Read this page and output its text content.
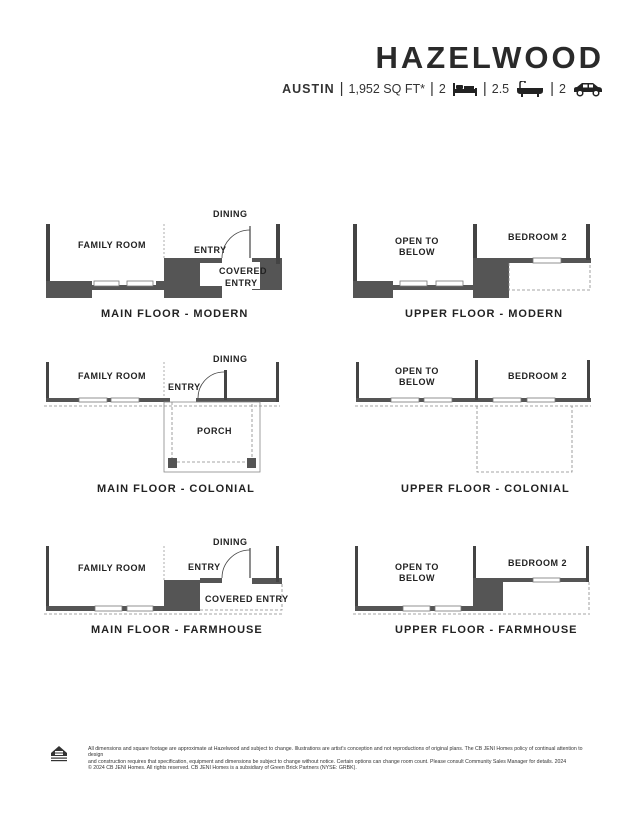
HAZELWOOD
AUSTIN | 1,952 SQ FT* | 2 | 2.5	| 2
FAMILY ROOM
DINING
ENTRY
COVERED
ENTRY
OPEN TO
BELOW
BEDROOM 2
FAMILY ROOM
DINING
ENTRY
PORCH
OPEN TO
BELOW
BEDROOM 2
FAMILY ROOM
DINING
ENTRY
COVERED ENTRY
OPEN TO
BELOW
BEDROOM 2
MAIN FLOOR - MODERN	UPPER FLOOR - MODERN
MAIN FLOOR - COLONIAL	UPPER FLOOR - COLONIAL
MAIN FLOOR - FARMHOUSE	UPPER FLOOR - FARMHOUSE
All dimensions and square footage are approximate at Hazelwood and subject to change. Illustrations are artist's conception and not reproductions of original plans. The CB JENI Homes policy of continual attention to design
and construction requires that specification, equipment and dimensions be subject to change without notice. Certain options can change room count. Please consult Community Sales Manager for details. 2024
© 2024 CB JENI Homes. All rights reserved. CB JENI Homes is a subsidiary of Green Brick Partners (NYSE: GRBK).
